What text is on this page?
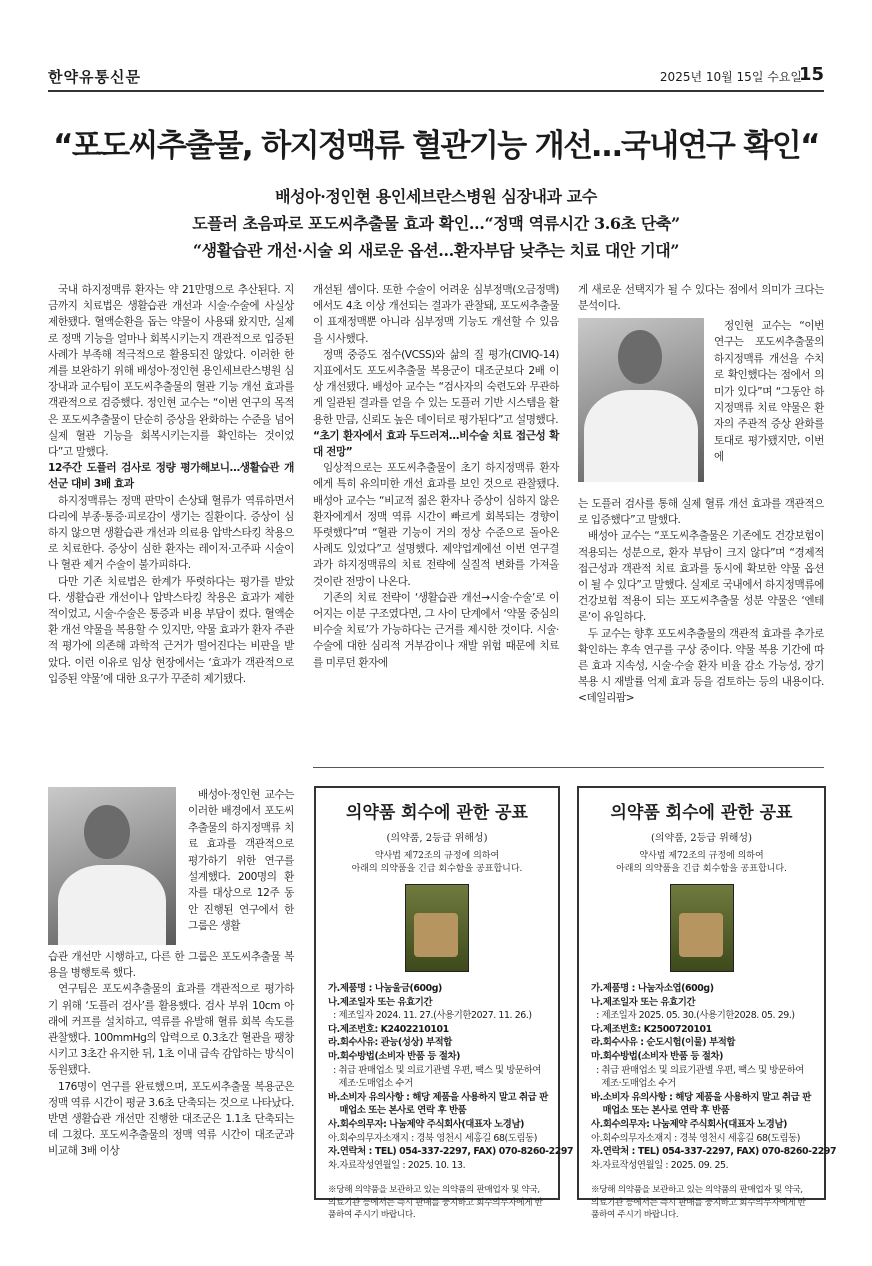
한약유통신문	2025년 10월 15일 수요일
15
“포도씨추출물, 하지정맥류 혈관기능 개선…국내연구 확인“
배성아·정인현 용인세브란스병원 심장내과 교수
도플러 초음파로 포도씨추출물 효과 확인…“정맥 역류시간 3.6초 단축”
“생활습관 개선·시술 외 새로운 옵션…환자부담 낮추는 치료 대안 기대”

국내 하지정맥류 환자는 약 21만명으로 추산된다. 지금까지 치료법은 생활습관 개선과 시술·수술에 사실상 제한됐다. 혈액순환을 돕는 약물이 사용돼 왔지만, 실제로 정맥 기능을 얼마나 회복시키는지 객관적으로 입증된 사례가 부족해 적극적으로 활용되진 않았다. 이러한 한계를 보완하기 위해 배성아·정인현 용인세브란스병원 심장내과 교수팀이 포도씨추출물의 혈관 기능 개선 효과를 객관적으로 검증했다. 정인현 교수는 “이번 연구의 목적은 포도씨추출물이 단순히 증상을 완화하는 수준을 넘어 실제 혈관 기능을 회복시키는지를 확인하는 것이었다”고 말했다.

12주간 도플러 검사로 정량 평가해보니…생활습관 개선군 대비 3배 효과

하지정맥류는 정맥 판막이 손상돼 혈류가 역류하면서 다리에 부종·통증·피로감이 생기는 질환이다. 증상이 심하지 않으면 생활습관 개선과 의료용 압박스타킹 착용으로 치료한다. 증상이 심한 환자는 레이저·고주파 시술이나 혈관 제거 수술이 불가피하다.

다만 기존 치료법은 한계가 뚜렷하다는 평가를 받았다. 생활습관 개선이나 압박스타킹 착용은 효과가 제한적이었고, 시술·수술은 통증과 비용 부담이 컸다. 혈액순환 개선 약물을 복용할 수 있지만, 약물 효과가 환자 주관적 평가에 의존해 과학적 근거가 떨어진다는 비판을 받았다. 이런 이유로 임상 현장에서는 ‘효과가 객관적으로 입증된 약물’에 대한 요구가 꾸준히 제기됐다.

배성아·정인현 교수는 이러한 배경에서 포도씨추출물의 하지정맥류 치료 효과를 객관적으로 평가하기 위한 연구를 설계했다. 200명의 환자를 대상으로 12주 동안 진행된 연구에서 한 그룹은 생활

습관 개선만 시행하고, 다른 한 그룹은 포도씨추출물 복용을 병행토록 했다.

연구팀은 포도씨추출물의 효과를 객관적으로 평가하기 위해 ‘도플러 검사’를 활용했다. 검사 부위 10cm 아래에 커프를 설치하고, 역류를 유발해 혈류 회복 속도를 관찰했다. 100mmHg의 압력으로 0.3초간 혈관을 팽창시키고 3초간 유지한 뒤, 1초 이내 급속 감압하는 방식이 동원됐다.

176명이 연구를 완료했으며, 포도씨추출물 복용군은 정맥 역류 시간이 평균 3.6초 단축되는 것으로 나타났다. 반면 생활습관 개선만 진행한 대조군은 1.1초 단축되는 데 그쳤다. 포도씨추출물의 정맥 역류 시간이 대조군과 비교해 3배 이상

개선된 셈이다. 또한 수술이 어려운 심부정맥(오금정맥)에서도 4초 이상 개선되는 결과가 관찰돼, 포도씨추출물이 표재정맥뿐 아니라 심부정맥 기능도 개선할 수 있음을 시사했다.

정맥 중증도 점수(VCSS)와 삶의 질 평가(CIVIQ-14) 지표에서도 포도씨추출물 복용군이 대조군보다 2배 이상 개선됐다. 배성아 교수는 “검사자의 숙련도와 무관하게 일관된 결과를 얻을 수 있는 도플러 기반 시스템을 활용한 만큼, 신뢰도 높은 데이터로 평가된다”고 설명했다.

“초기 환자에서 효과 두드러져…비수술 치료 접근성 확대 전망”

임상적으로는 포도씨추출물이 초기 하지정맥류 환자에게 특히 유의미한 개선 효과를 보인 것으로 관찰됐다. 배성아 교수는 “비교적 젊은 환자나 증상이 심하지 않은 환자에게서 정맥 역류 시간이 빠르게 회복되는 경향이 뚜렷했다”며 “혈관 기능이 거의 정상 수준으로 돌아온 사례도 있었다”고 설명했다. 제약업계에선 이번 연구결과가 하지정맥류의 치료 전략에 실질적 변화를 가져올 것이란 전망이 나온다.

기존의 치료 전략이 ‘생활습관 개선→시술·수술’로 이어지는 이분 구조였다면, 그 사이 단계에서 ‘약물 중심의 비수술 치료’가 가능하다는 근거를 제시한 것이다. 시술·수술에 대한 심리적 거부감이나 재발 위험 때문에 치료를 미루던 환자에

게 새로운 선택지가 될 수 있다는 점에서 의미가 크다는 분석이다.

정인현 교수는 “이번 연구는 포도씨추출물의 하지정맥류 개선을 수치로 확인했다는 점에서 의미가 있다”며 “그동안 하지정맥류 치료 약물은 환자의 주관적 증상 완화를 토대로 평가됐지만, 이번에

는 도플러 검사를 통해 실제 혈류 개선 효과를 객관적으로 입증했다”고 말했다.

배성아 교수는 “포도씨추출물은 기존에도 건강보험이 적용되는 성분으로, 환자 부담이 크지 않다”며 “경제적 접근성과 객관적 치료 효과를 동시에 확보한 약물 옵션이 될 수 있다”고 말했다. 실제로 국내에서 하지정맥류에 건강보험 적용이 되는 포도씨추출물 성분 약물은 ‘엔테론’이 유일하다.

두 교수는 향후 포도씨추출물의 객관적 효과를 추가로 확인하는 후속 연구를 구상 중이다. 약물 복용 기간에 따른 효과 지속성, 시술·수술 환자 비율 감소 가능성, 장기 복용 시 재발률 억제 효과 등을 검토하는 등의 내용이다. <데일리팜>

의약품 회수에 관한 공표
(의약품, 2등급 위해성)
약사법 제72조의 규정에 의하여
아래의 의약품을 긴급 회수함을 공표합니다.
가.제품명 : 나눔울금(600g)
나.제조일자 또는 유효기간
: 제조일자 2024. 11. 27.(사용기한2027. 11. 26.)
다.제조번호: K2402210101
라.회수사유: 관능(성상) 부적합
마.회수방법(소비자 반품 등 절차)
: 취급 판매업소 및 의료기관별 우편, 팩스 및 방문하여
제조·도매업소 수거
바.소비자 유의사항 : 해당 제품을 사용하지 말고 취급 판
매업소 또는 본사로 연락 후 반품
사.회수의무자: 나눔제약 주식회사(대표자 노경남)
아.회수의무자소재지 : 경북 영천시 세홍길 68(도림동)
자.연락처 : TEL) 054-337-2297, FAX) 070-8260-2297
차.자료작성연월일 : 2025. 10. 13.
※당해 의약품을 보관하고 있는 의약품의 판매업자 및 약국, 의료기관 등에서는 즉시 판매를 중지하고 회수의무자에게 반품하여 주시기 바랍니다.
의약품 회수에 관한 공표
(의약품, 2등급 위해성)
약사법 제72조의 규정에 의하여
아래의 의약품을 긴급 회수함을 공표합니다.
가.제품명 : 나눔자소엽(600g)
나.제조일자 또는 유효기간
: 제조일자 2025. 05. 30.(사용기한2028. 05. 29.)
다.제조번호: K2500720101
라.회수사유 : 순도시험(이물) 부적합
마.회수방법(소비자 반품 등 절차)
: 취급 판매업소 및 의료기관별 우편, 팩스 및 방문하여
제조·도매업소 수거
바.소비자 유의사항 : 해당 제품을 사용하지 말고 취급 판
매업소 또는 본사로 연락 후 반품
사.회수의무자: 나눔제약 주식회사(대표자 노경남)
아.회수의무자소재지 : 경북 영천시 세홍길 68(도림동)
자.연락처 : TEL) 054-337-2297, FAX) 070-8260-2297
차.자료작성연월일 : 2025. 09. 25.
※당해 의약품을 보관하고 있는 의약품의 판매업자 및 약국, 의료기관 등에서는 즉시 판매를 중지하고 회수의무자에게 반품하여 주시기 바랍니다.
